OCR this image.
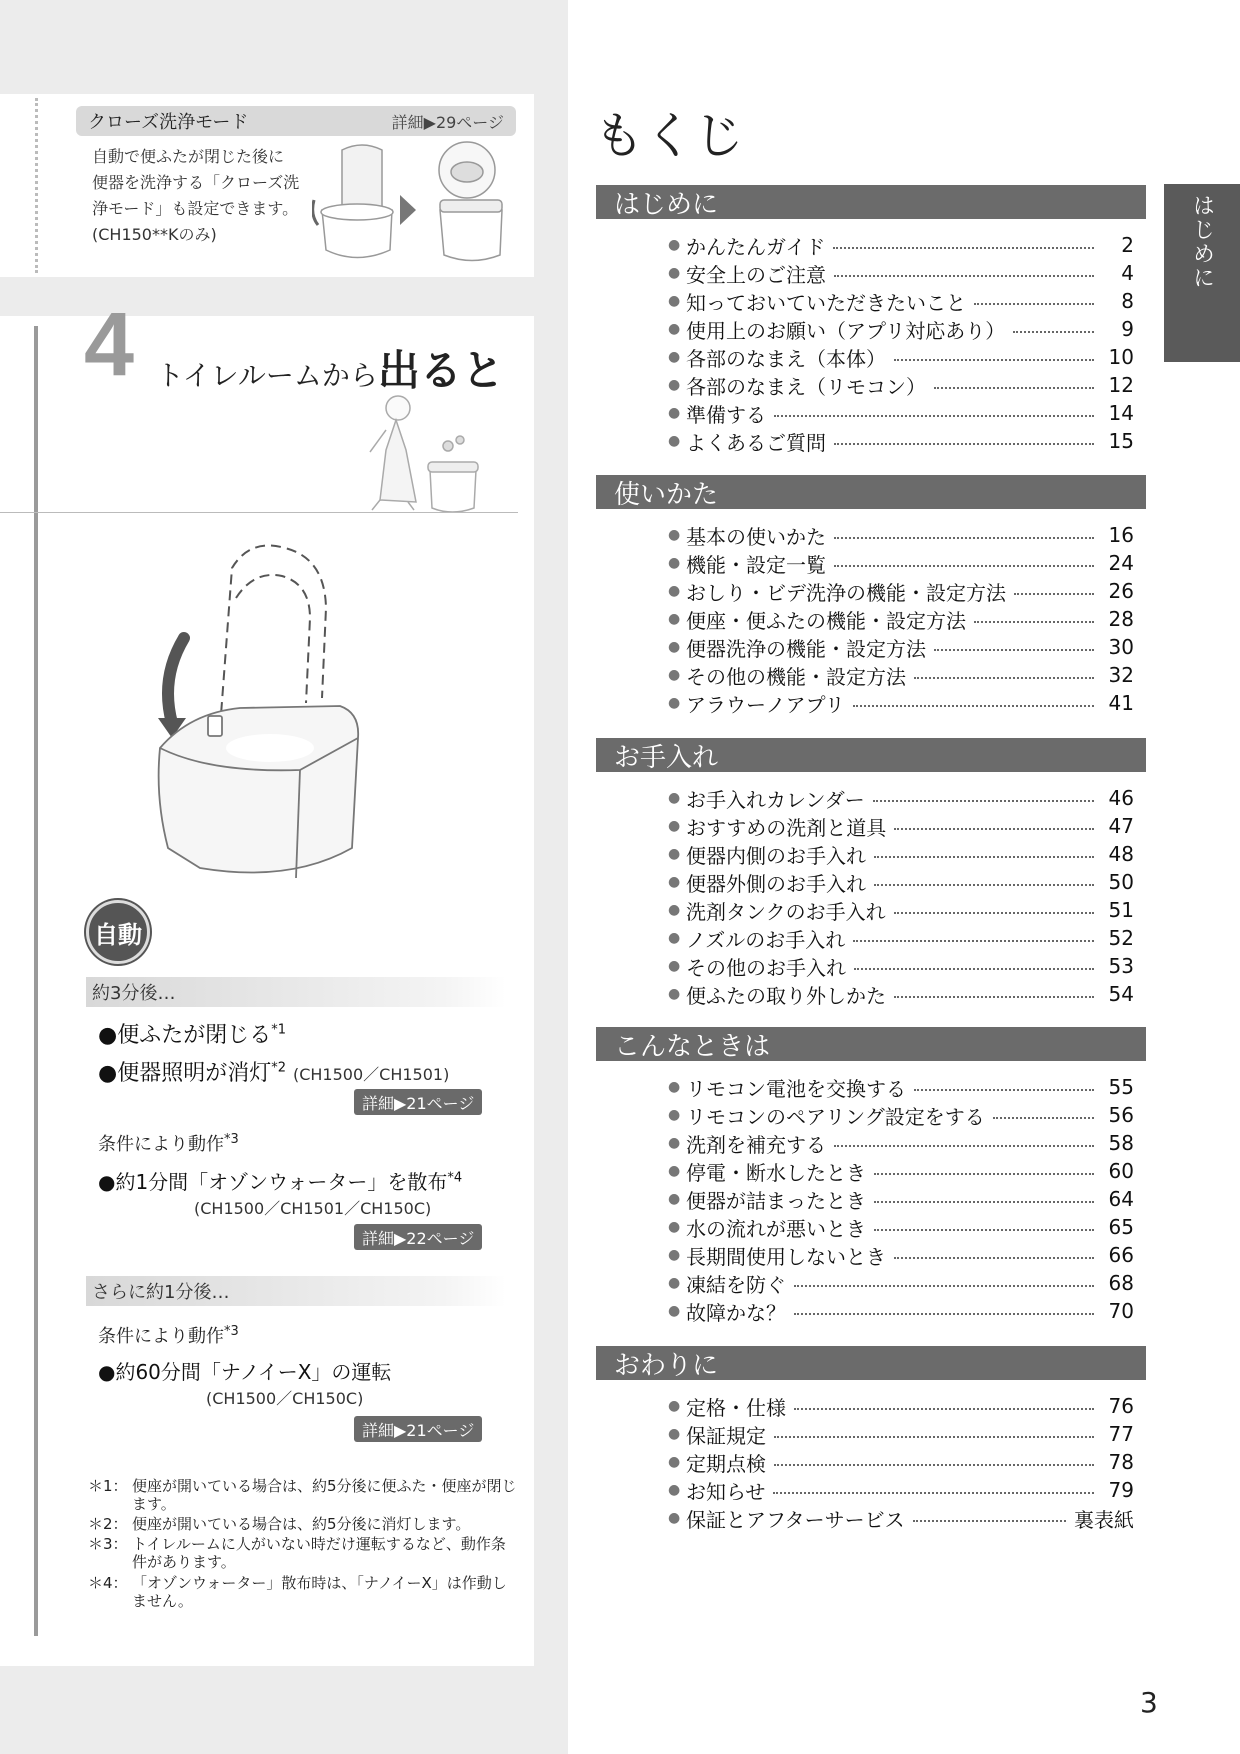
クローズ洗浄モード	詳細▶29ページ
自動で便ふたが閉じた後に
便器を洗浄する「クローズ洗
浄モード」も設定できます。
(CH150**Kのみ)
4 トイレルームから出ると
自動
約3分後…
●便ふたが閉じる$^{*1}$
●便器照明が消灯$^{*2}$ (CH1500／CH1501)
詳細▶21ページ
条件により動作$^{*3}$
●約1分間「オゾンウォーター」を散布$^{*4}$
(CH1500／CH1501／CH150C)
詳細▶22ページ
さらに約1分後…
条件により動作$^{*3}$
●約60分間「ナノイーX」の運転
(CH1500／CH150C)
詳細▶21ページ
＊1： 便座が開いている場合は、約5分後に便ふた・便座が閉じます。
＊2： 便座が開いている場合は、約5分後に消灯します。
＊3： トイレルームに人がいない時だけ運転するなど、動作条件があります。
＊4： 「オゾンウォーター」散布時は、「ナノイーX」は作動しません。
もくじ
はじめに
はじめに
● かんたんガイド	2
● 安全上のご注意	4
● 知っておいていただきたいこと	8
● 使用上のお願い（アプリ対応あり）	9
● 各部のなまえ（本体）	10
● 各部のなまえ（リモコン）	12
● 準備する	14
● よくあるご質問	15
使いかた
● 基本の使いかた	16
● 機能・設定一覧	24
● おしり・ビデ洗浄の機能・設定方法	26
● 便座・便ふたの機能・設定方法	28
● 便器洗浄の機能・設定方法	30
● その他の機能・設定方法	32
● アラウーノアプリ	41
お手入れ
● お手入れカレンダー	46
● おすすめの洗剤と道具	47
● 便器内側のお手入れ	48
● 便器外側のお手入れ	50
● 洗剤タンクのお手入れ	51
● ノズルのお手入れ	52
● その他のお手入れ	53
● 便ふたの取り外しかた	54
こんなときは
● リモコン電池を交換する	55
● リモコンのペアリング設定をする	56
● 洗剤を補充する	58
● 停電・断水したとき	60
● 便器が詰まったとき	64
● 水の流れが悪いとき	65
● 長期間使用しないとき	66
● 凍結を防ぐ	68
● 故障かな？	70
おわりに
● 定格・仕様	76
● 保証規定	77
● 定期点検	78
● お知らせ	79
● 保証とアフターサービス	裏表紙
3
